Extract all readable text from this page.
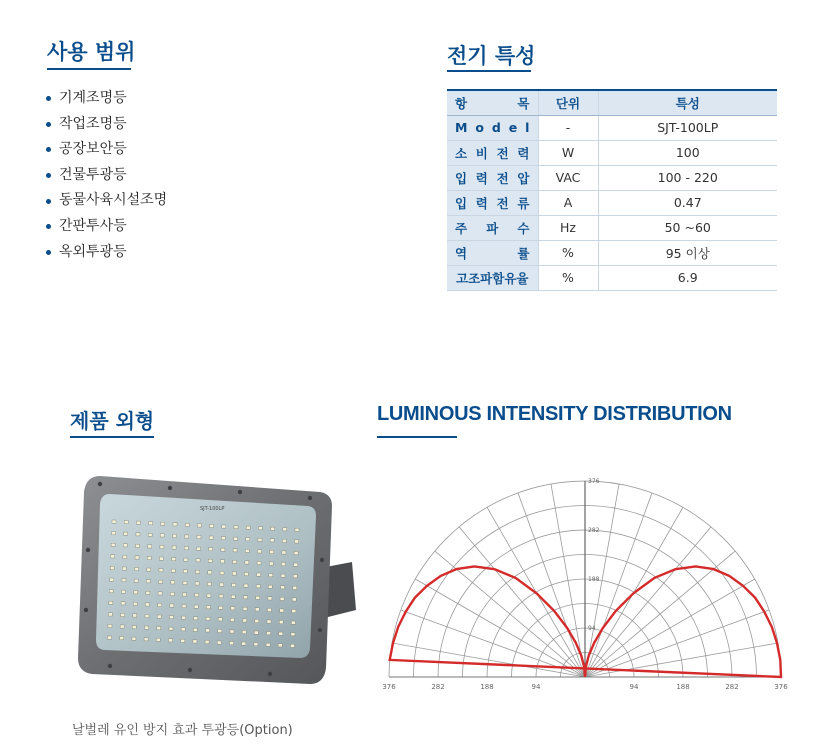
사용 범위
기계조명등
작업조명등
공장보안등
건물투광등
동물사육시설조명
간판투사등
옥외투광등
전기 특성
항 목	단위	특성

M o d e l	-	SJT-100LP

소 비 전 력	W	100

입 력 전 압	VAC	100 - 220

입 력 전 류	A	0.47

주 파 수	Hz	50 ~60

역 률	%	95 이상

고조파함유율	%	6.9
제품 외형
SJT-100LP
날벌레 유인 방지 효과 투광등(Option)
LUMINOUS INTENSITY DISTRIBUTION
376	282	188	94	94	188	282	376
94
188
282
376
